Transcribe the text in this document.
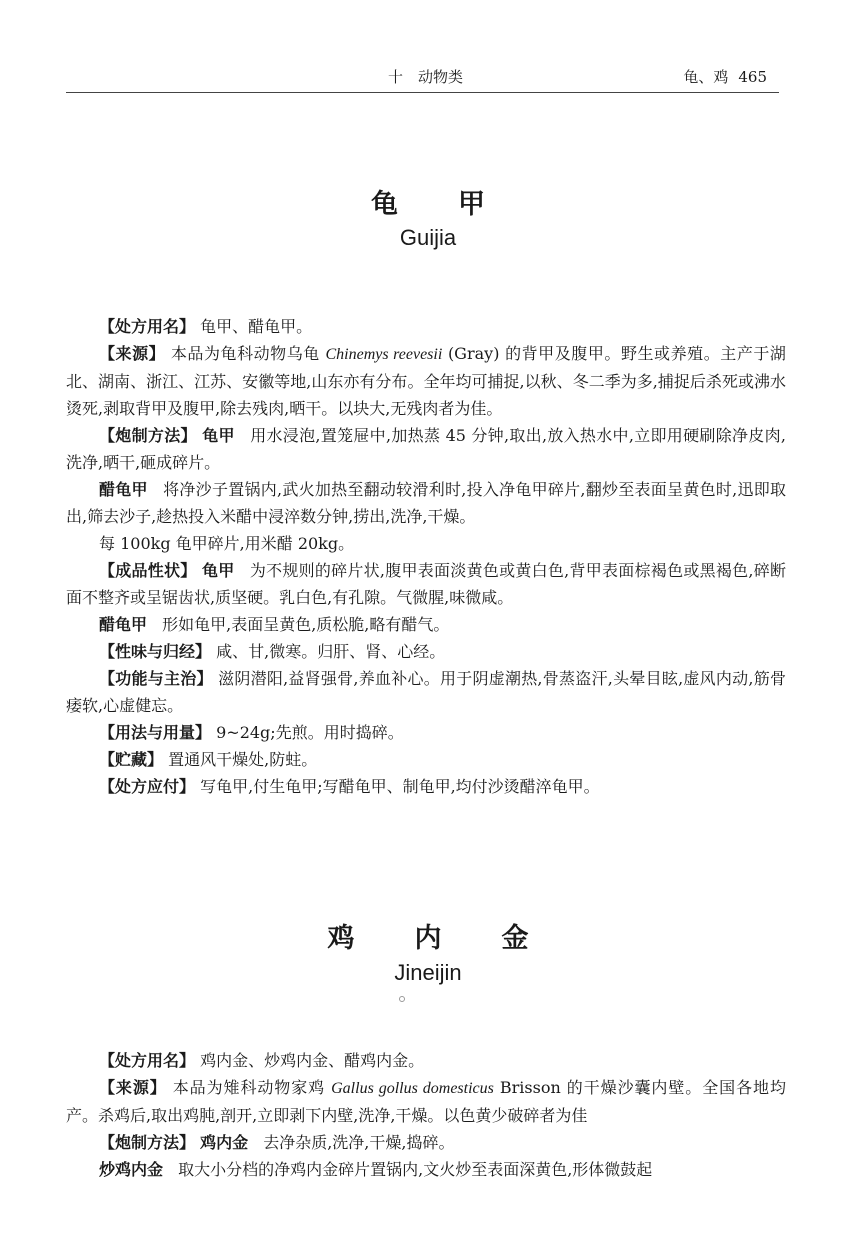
十　动物类	龟、鸡 465
龟甲
Guijia

【处方用名】 龟甲、醋龟甲。

【来源】 本品为龟科动物乌龟 Chinemys reevesii (Gray) 的背甲及腹甲。野生或养殖。主产于湖北、湖南、浙江、江苏、安徽等地,山东亦有分布。全年均可捕捉,以秋、冬二季为多,捕捉后杀死或沸水烫死,剥取背甲及腹甲,除去残肉,晒干。以块大,无残肉者为佳。

【炮制方法】 龟甲 用水浸泡,置笼屉中,加热蒸 45 分钟,取出,放入热水中,立即用硬刷除净皮肉,洗净,晒干,砸成碎片。

醋龟甲 将净沙子置锅内,武火加热至翻动较滑利时,投入净龟甲碎片,翻炒至表面呈黄色时,迅即取出,筛去沙子,趁热投入米醋中浸淬数分钟,捞出,洗净,干燥。

每 100kg 龟甲碎片,用米醋 20kg。

【成品性状】 龟甲 为不规则的碎片状,腹甲表面淡黄色或黄白色,背甲表面棕褐色或黑褐色,碎断面不整齐或呈锯齿状,质坚硬。乳白色,有孔隙。气微腥,味微咸。

醋龟甲 形如龟甲,表面呈黄色,质松脆,略有醋气。

【性味与归经】 咸、甘,微寒。归肝、肾、心经。

【功能与主治】 滋阴潜阳,益肾强骨,养血补心。用于阴虚潮热,骨蒸盗汗,头晕目眩,虚风内动,筋骨痿软,心虚健忘。

【用法与用量】 9~24g;先煎。用时捣碎。

【贮藏】 置通风干燥处,防蛀。

【处方应付】 写龟甲,付生龟甲;写醋龟甲、制龟甲,均付沙烫醋淬龟甲。

鸡内金
Jineijin

【处方用名】 鸡内金、炒鸡内金、醋鸡内金。

【来源】 本品为雉科动物家鸡 Gallus gollus domesticus Brisson 的干燥沙囊内壁。全国各地均产。杀鸡后,取出鸡肫,剖开,立即剥下内壁,洗净,干燥。以色黄少破碎者为佳

【炮制方法】 鸡内金 去净杂质,洗净,干燥,捣碎。

炒鸡内金 取大小分档的净鸡内金碎片置锅内,文火炒至表面深黄色,形体微鼓起
